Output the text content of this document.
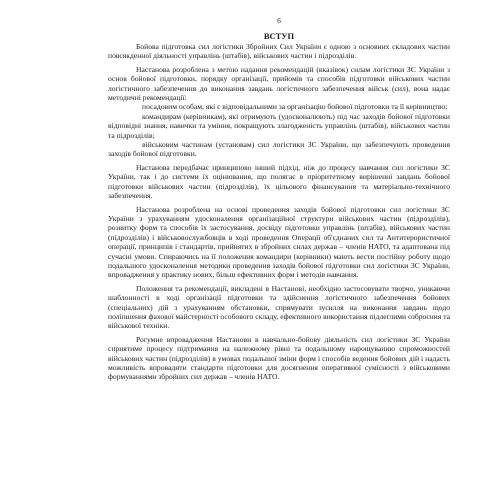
6
ВСТУП

Бойова підготовка сил логістики Збройних Сил України є одною з основних складових частин повсякденної діяльності управлінь (штабів), військових частин і підрозділів.

Настанова розроблена з метою надання рекомендацій (вказівок) силам логістики ЗС України з основ бойової підготовки, порядку організації, прийомів та способів підготовки військових частин логістичного забезпечення до виконання завдань логістичного забезпечення військ (сил), вона надає методичні рекомендації:

посадовим особам, які є відповідальними за організацію бойової підготовки та її керівництво;

командирам (керівникам), які отримують (удосконалюють) під час заходів бойової підготовки відповідні знання, навички та уміння, покращують злагодженість управлінь (штабів), військових частин та підрозділів;

військовим частинам (установам) сил логістики ЗС України, що забезпечують проведення заходів бойової підготовки.

Настанова передбачає принципово інший підхід, ніж до процесу навчання сил логістики ЗС України, так і до системи їх оцінювання, що полягає в пріоритетному вирішенні завдань бойової підготовки військових частин (підрозділів), їх цільового фінансування та матеріально-технічного забезпечення.

Настанова розроблена на основі проведення заходів бойової підготовки сил логістики ЗС України з урахуванням удосконалення організаційної структури військових частин (підрозділів), розвитку форм та способів їх застосування, досвіду підготовки управлінь (штабів), військових частин (підрозділів) і військовослужбовців в ході проведення Операції об'єднаних сил та Антитерористичної операції, принципів і стандартів, прийнятих в збройних силах держав – членів НАТО, та адаптована під сучасні умови. Спираючись на її положення командири (керівники) мають вести постійну роботу щодо подальшого удосконалення методики проведення заходів бойової підготовки сил логістики ЗС України, впровадження у практику нових, більш ефективних форм і методів навчання.

Положення та рекомендації, викладені в Настанові, необхідно застосовувати творчо, уникаючи шаблонності в ході організації підготовки та здійснення логістичного забезпечення бойових (спеціальних) дій з урахуванням обстановки, спрямувати зусилля на виконання завдань щодо поліпшення фахової майстерності особового складу, ефективного використання підлеглими озброєння та військової техніки.

Рогумне впровадження Настанови в навчально-бойову діяльність сил логістики ЗС України сприятиме процесу підтримання на належному рівні та подальшому нарощуванню спроможностей військових частин (підрозділів) в умовах подальшої зміни форм і способів ведення бойових дій і надасть можливість впровадити стандарти підготовки для досягнення оперативної сумісності з військовими формуваннями збройних сил держав – членів НАТО.
